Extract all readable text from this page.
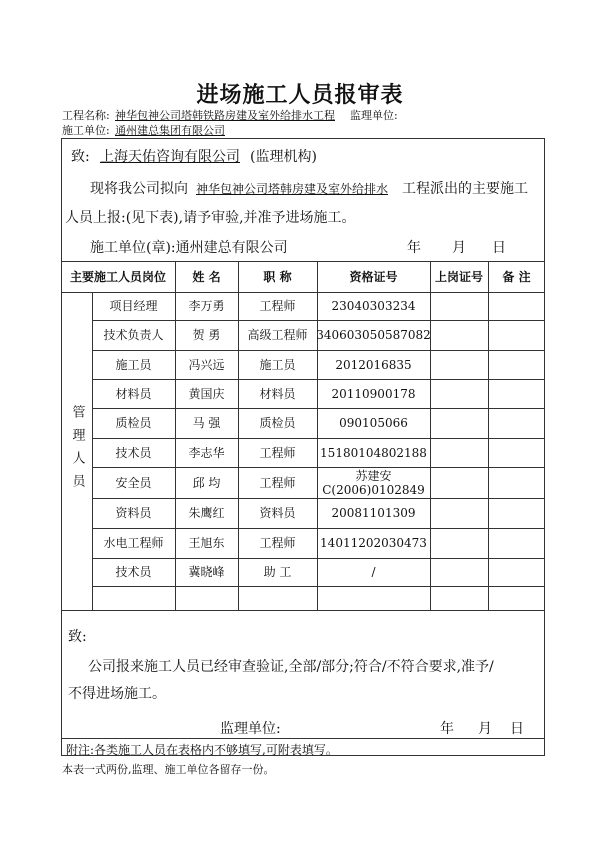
进场施工人员报审表
工程名称: 神华包神公司塔韩铁路房建及室外给排水工程 监理单位:
施工单位: 通州建总集团有限公司
致: 上海天佑咨询有限公司 (监理机构)
现将我公司拟向 神华包神公司塔韩房建及室外给排水 工程派出的主要施工
人员上报:(见下表),请予审验,并准予进场施工。
施工单位(章):通州建总有限公司	年 月 日
主要施工人员岗位	姓 名	职 称	资格证号	上岗证号	备 注
管理人员
项目经理	李万勇	工程师	23040303234
技术负责人	贺 勇	高级工程师 340603050587082
施工员	冯兴远	施工员	2012016835
材料员	黄国庆	材料员	20110900178
质检员	马 强	质检员	090105066
技术员	李志华	工程师	15180104802188
安全员	邱 均	工程师	苏建安 C(2006)0102849
资料员	朱鹰红	资料员	20081101309
水电工程师	王旭东	工程师	14011202030473
技术员	冀晓峰	助 工	/
致:
公司报来施工人员已经审查验证,全部/部分;符合/不符合要求,准予/
不得进场施工。
监理单位:	年 月 日
附注:各类施工人员在表格内不够填写,可附表填写。
本表一式两份,监理、施工单位各留存一份。
